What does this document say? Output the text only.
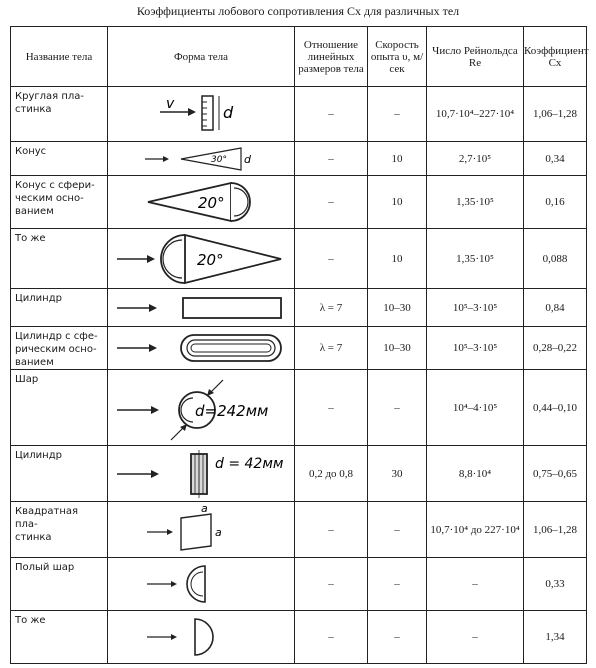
Коэффициенты лобового сопротивления Cx для различных тел
Название тела	Форма тела	Отношение линейных размеров тела	Скорость опыта υ, м/сек	Число Рейнольдса Re	Коэффициент Cx

Круглая пла-
стинка	v d	–	–	10,7·10⁴–227·10⁴	1,06–1,28

Конус	30° d	–	10	2,7·10⁵	0,34

Конус с сфери-
ческим осно-
ванием	20°	–	10	1,35·10⁵	0,16

То же	20°	–	10	1,35·10⁵	0,088

Цилиндр		λ = 7	10–30	10⁵–3·10⁵	0,84

Цилиндр с сфе-
рическим осно-
ванием		λ = 7	10–30	10⁵–3·10⁵	0,28–0,22

Шар	d=242мм	–	–	10⁴–4·10⁵	0,44–0,10

Цилиндр	d = 42мм	0,2 до 0,8	30	8,8·10⁴	0,75–0,65

Квадратная пла-
стинка	a
a	–	–	10,7·10⁴ до 227·10⁴	1,06–1,28

Полый шар		–	–	–	0,33

То же		–	–	–	1,34
